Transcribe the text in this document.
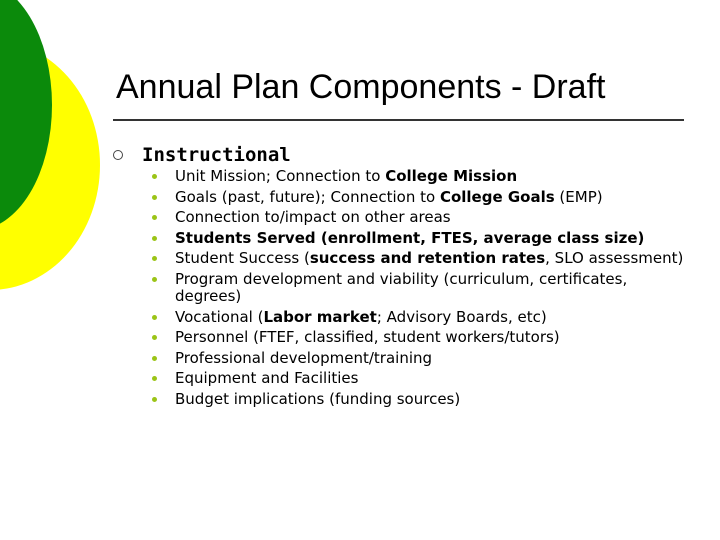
Annual Plan Components - Draft
Instructional
Unit Mission; Connection to College Mission
Goals (past, future); Connection to College Goals (EMP)
Connection to/impact on other areas
Students Served (enrollment, FTES, average class size)
Student Success (success and retention rates, SLO assessment)
Program development and viability (curriculum, certificates, degrees)
Vocational (Labor market; Advisory Boards, etc)
Personnel (FTEF, classified, student workers/tutors)
Professional development/training
Equipment and Facilities
Budget implications (funding sources)
